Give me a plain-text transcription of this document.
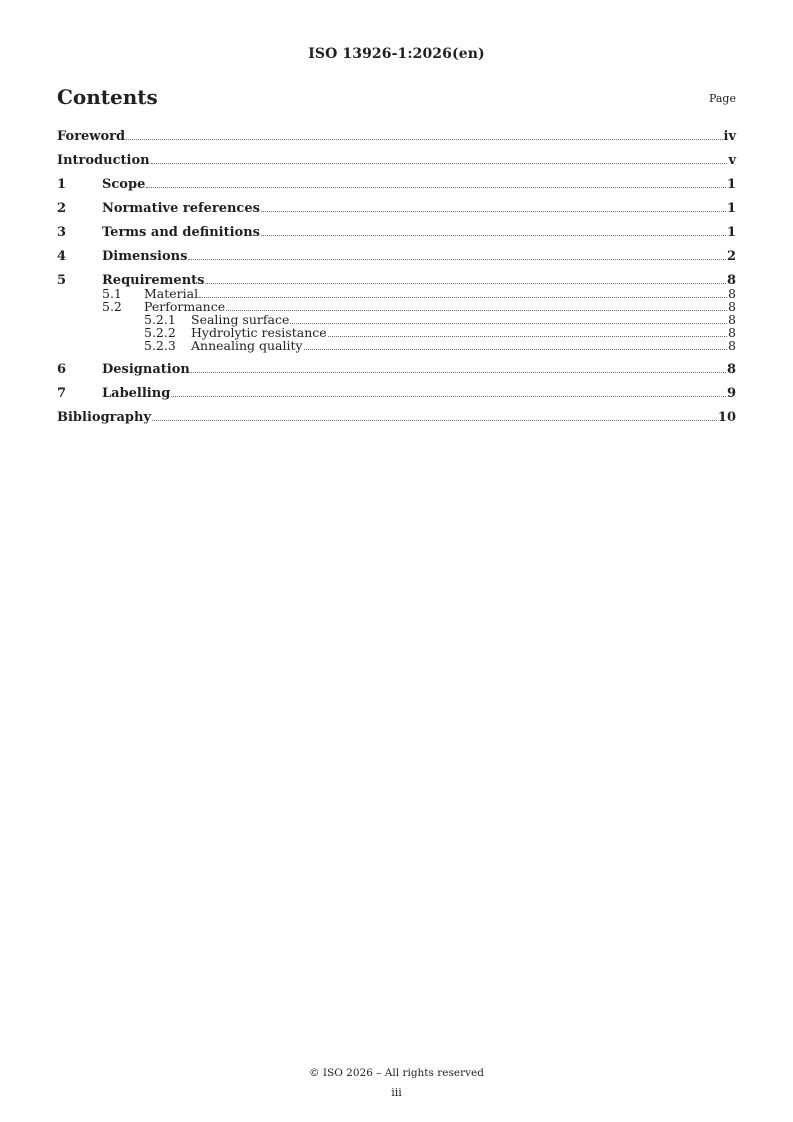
ISO 13926-1:2026(en)
Contents	Page
Foreword	iv
Introduction	v
1	Scope	1
2	Normative references	1
3	Terms and definitions	1
4	Dimensions	2
5	Requirements	8
5.1	Material	8
5.2	Performance	8
5.2.1	Sealing surface	8
5.2.2	Hydrolytic resistance	8
5.2.3	Annealing quality	8
6	Designation	8
7	Labelling	9
Bibliography	10
© ISO 2026 – All rights reserved
iii
